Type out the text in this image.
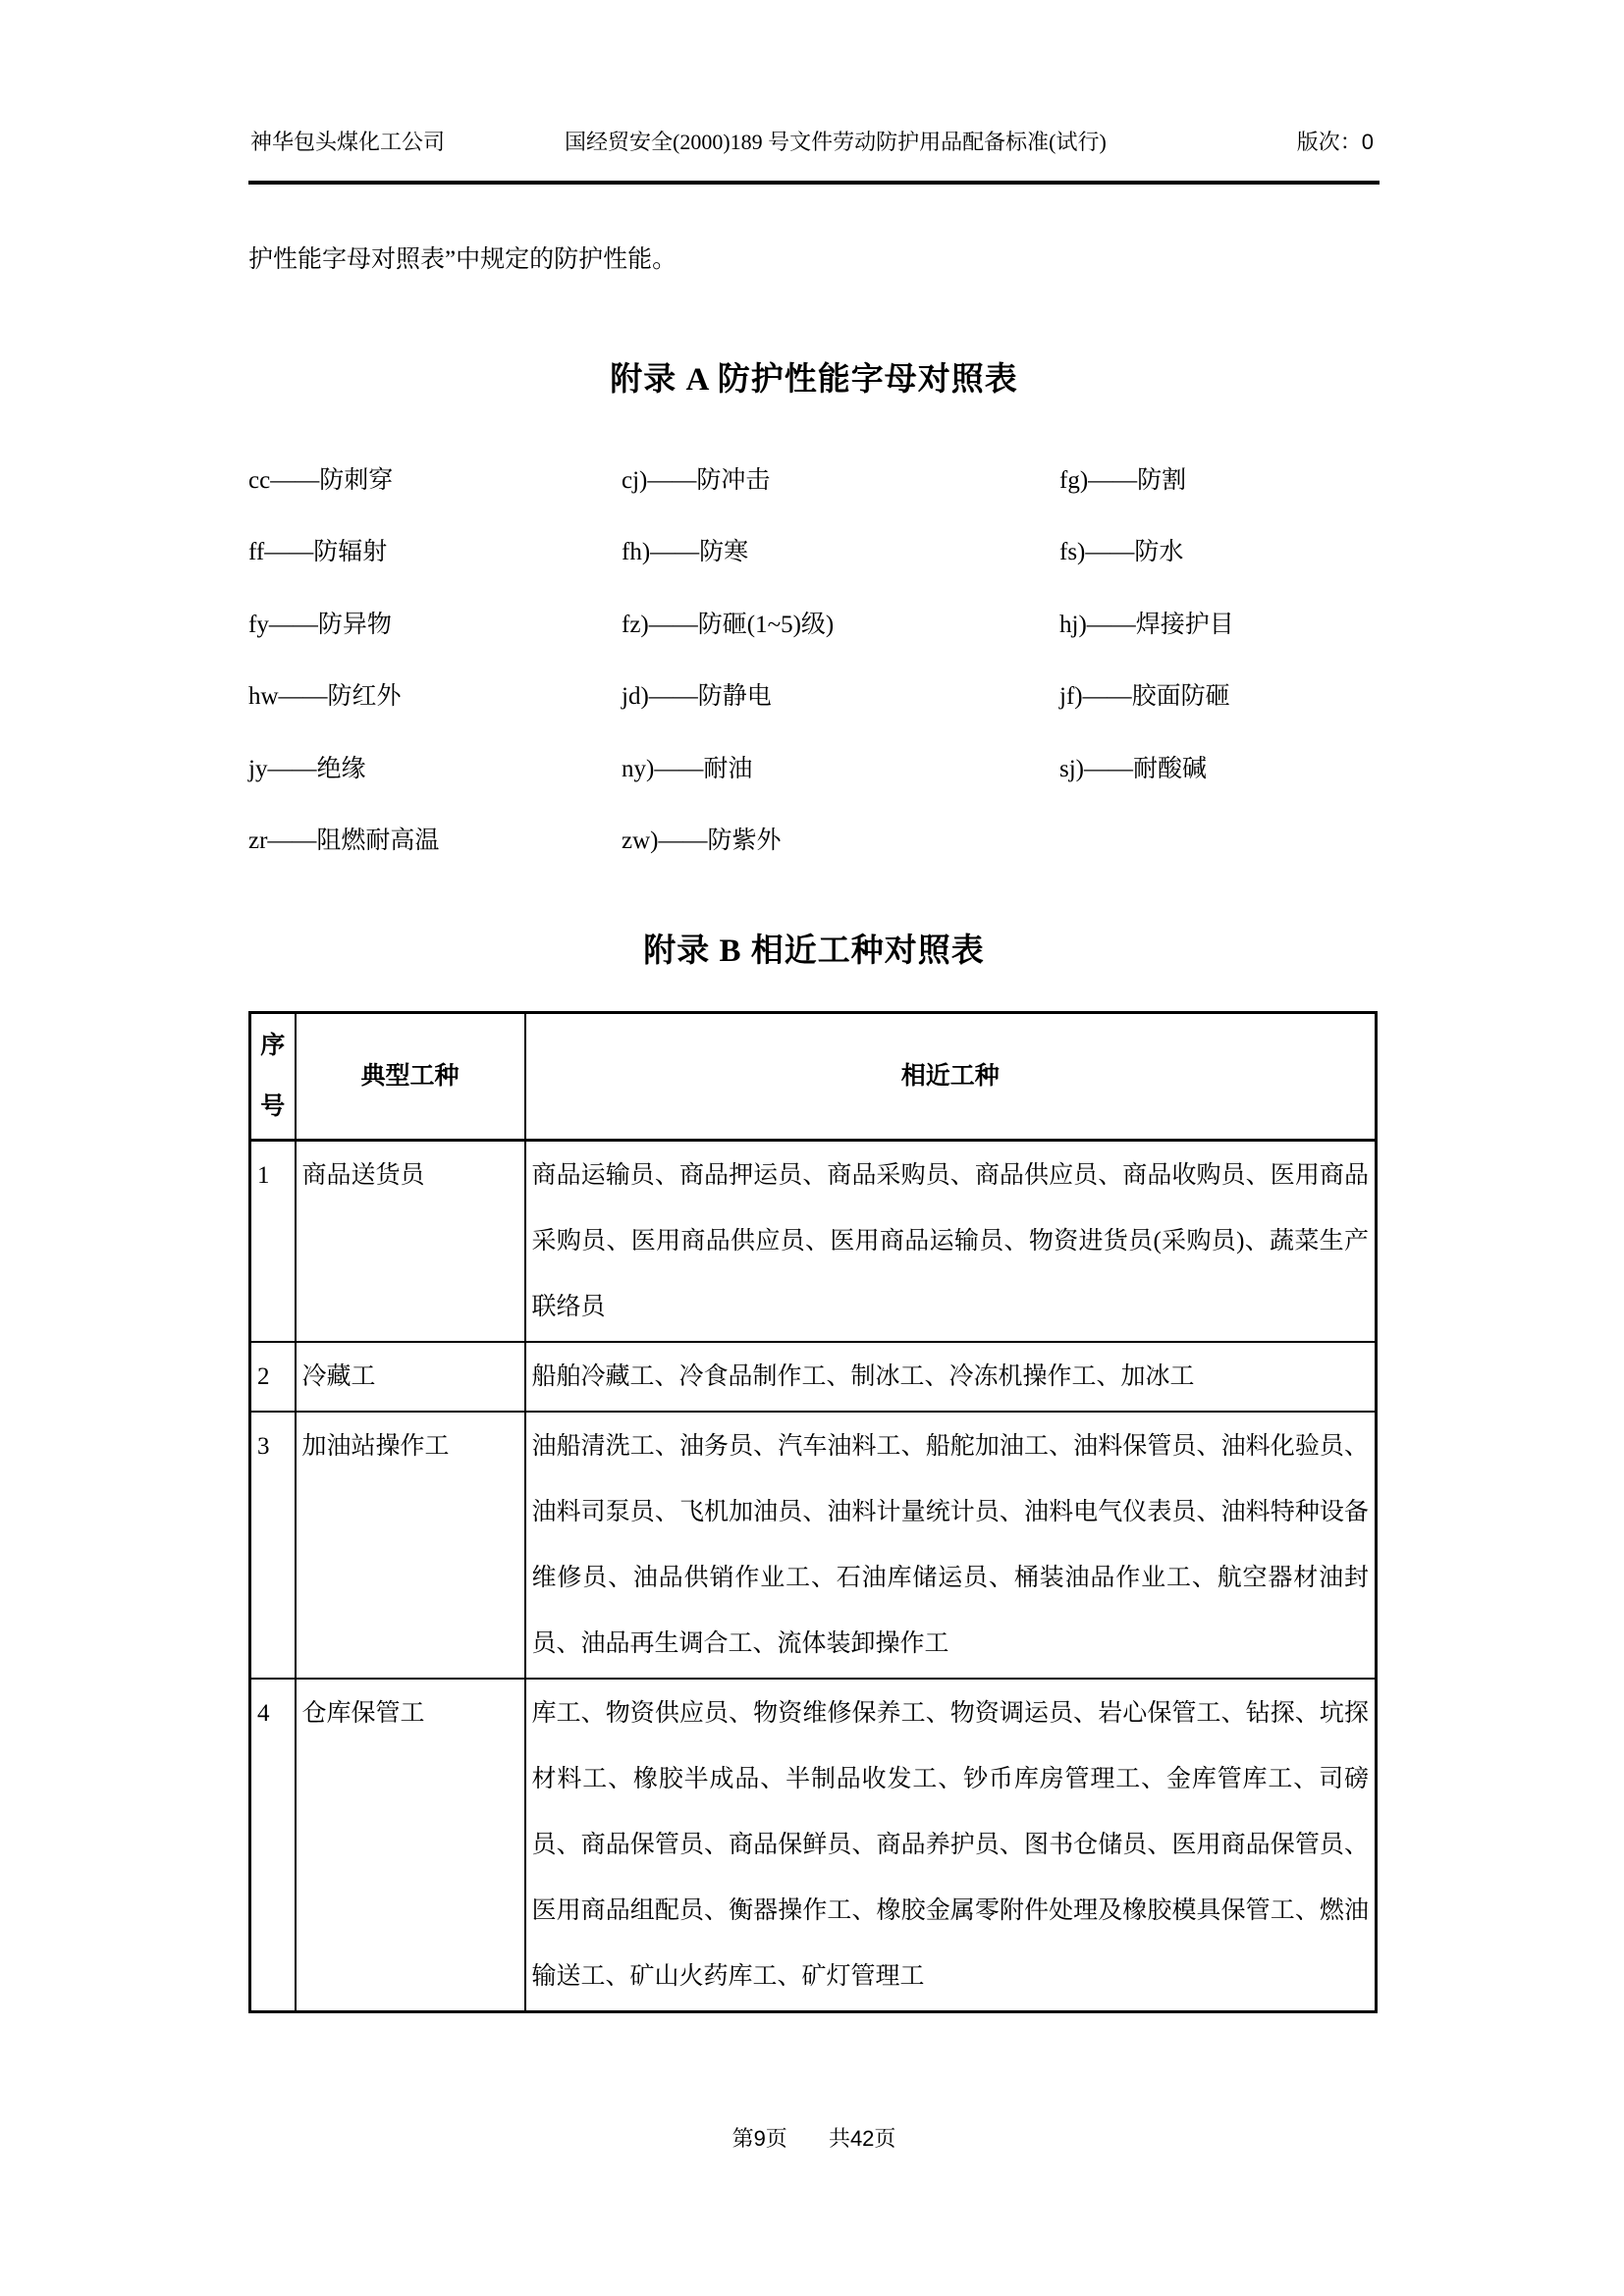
神华包头煤化工公司	国经贸安全(2000)189 号文件劳动防护用品配备标准(试行)	版次：0
护性能字母对照表”中规定的防护性能。
附录 A 防护性能字母对照表
cc——防刺穿	cj)——防冲击	fg)——防割
ff——防辐射	fh)——防寒	fs)——防水
fy——防异物	fz)——防砸(1~5)级)	hj)——焊接护目
hw——防红外	jd)——防静电	jf)——胶面防砸
jy——绝缘	ny)——耐油	sj)——耐酸碱
zr——阻燃耐高温	zw)——防紫外
附录 B 相近工种对照表
序号	典型工种	相近工种
1	商品送货员	商品运输员、商品押运员、商品采购员、商品供应员、商品收购员、医用商品采购员、医用商品供应员、医用商品运输员、物资进货员(采购员)、蔬菜生产联络员
2	冷藏工	船舶冷藏工、冷食品制作工、制冰工、冷冻机操作工、加冰工
3	加油站操作工	油船清洗工、油务员、汽车油料工、船舵加油工、油料保管员、油料化验员、油料司泵员、飞机加油员、油料计量统计员、油料电气仪表员、油料特种设备维修员、油品供销作业工、石油库储运员、桶装油品作业工、航空器材油封员、油品再生调合工、流体装卸操作工
4	仓库保管工	库工、物资供应员、物资维修保养工、物资调运员、岩心保管工、钻探、坑探材料工、橡胶半成品、半制品收发工、钞币库房管理工、金库管库工、司磅员、商品保管员、商品保鲜员、商品养护员、图书仓储员、医用商品保管员、医用商品组配员、衡器操作工、橡胶金属零附件处理及橡胶模具保管工、燃油输送工、矿山火药库工、矿灯管理工
第9页 共42页
